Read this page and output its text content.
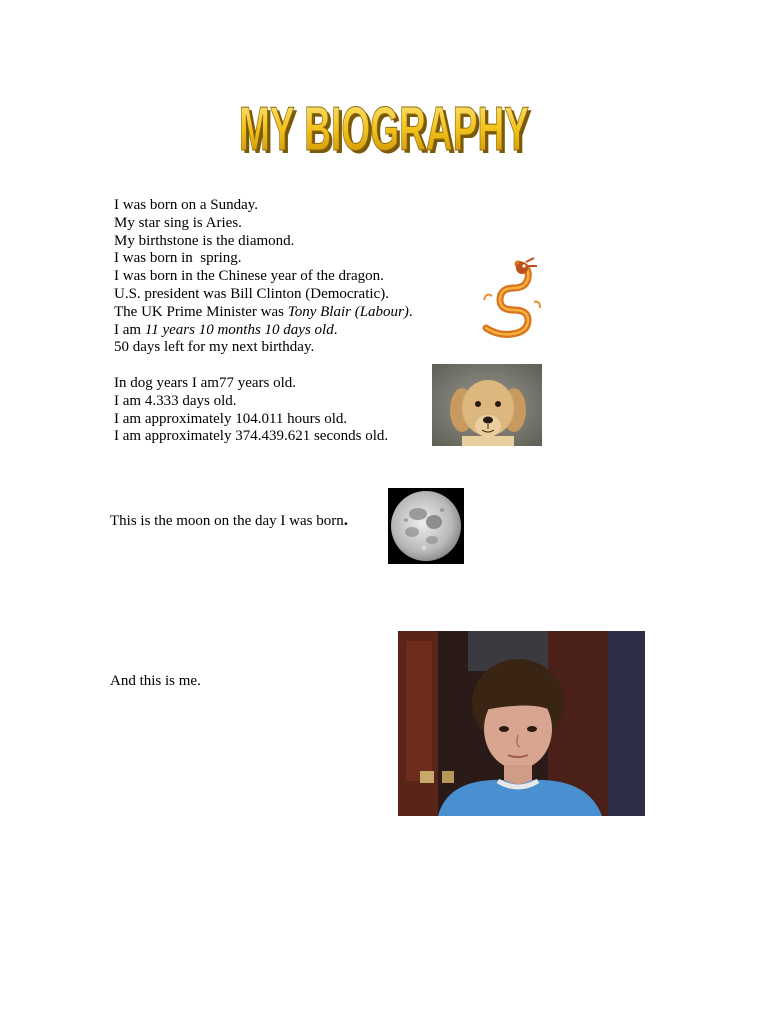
MY BIOGRAPHY
MY BIOGRAPHY
I was born on a Sunday.
My star sing is Aries.
My birthstone is the diamond.
I was born in  spring.
I was born in the Chinese year of the dragon.
U.S. president was Bill Clinton (Democratic).
The UK Prime Minister was Tony Blair (Labour).
I am 11 years 10 months 10 days old.
50 days left for my next birthday.
In dog years I am77 years old.
I am 4.333 days old.
I am approximately 104.011 hours old.
I am approximately 374.439.621 seconds old.
This is the moon on the day I was born.
And this is me.
